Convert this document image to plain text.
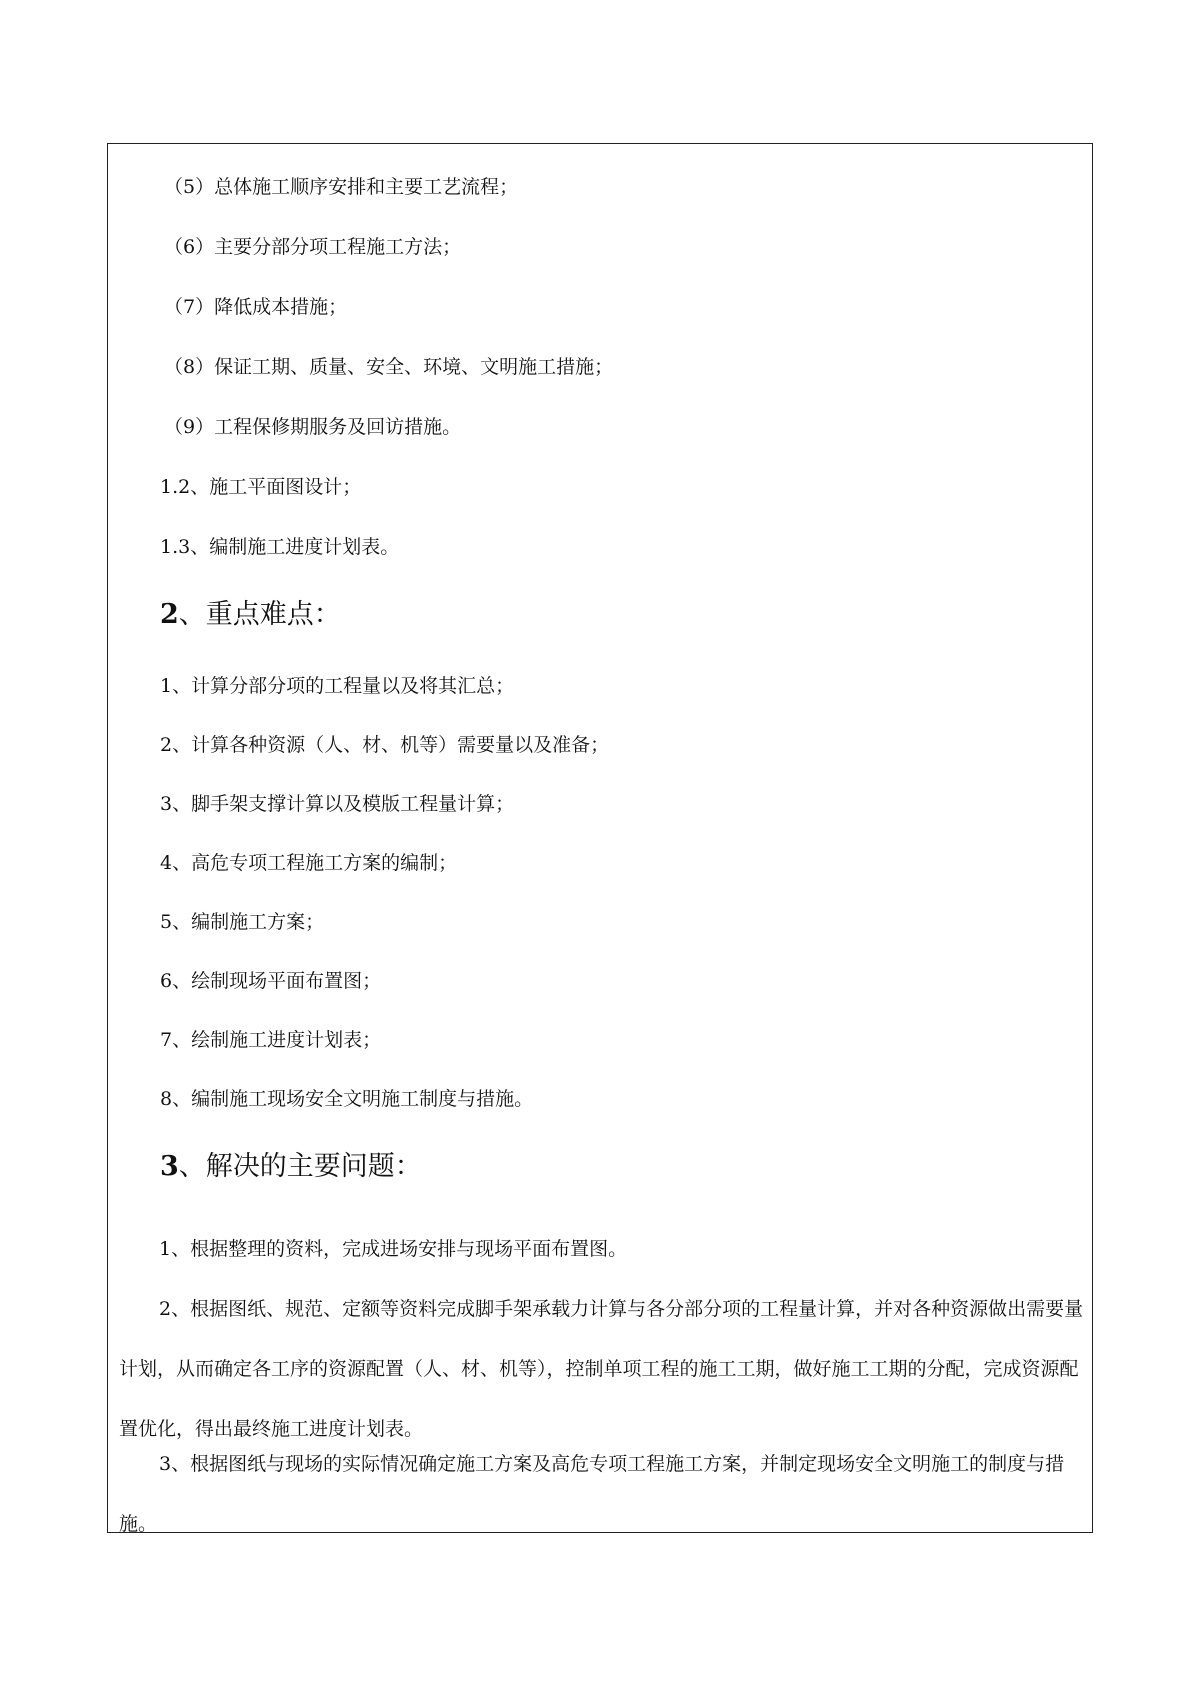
（5）总体施工顺序安排和主要工艺流程；
（6）主要分部分项工程施工方法；
（7）降低成本措施；
（8）保证工期、质量、安全、环境、文明施工措施；
（9）工程保修期服务及回访措施。
1.2、施工平面图设计；
1.3、编制施工进度计划表。
2、重点难点：
1、计算分部分项的工程量以及将其汇总；
2、计算各种资源（人、材、机等）需要量以及准备；
3、脚手架支撑计算以及模版工程量计算；
4、高危专项工程施工方案的编制；
5、编制施工方案；
6、绘制现场平面布置图；
7、绘制施工进度计划表；
8、编制施工现场安全文明施工制度与措施。
3、解决的主要问题：
1、根据整理的资料，完成进场安排与现场平面布置图。
2、根据图纸、规范、定额等资料完成脚手架承载力计算与各分部分项的工程量计算，并对各种资源做出需要量计划，从而确定各工序的资源配置（人、材、机等），控制单项工程的施工工期，做好施工工期的分配，完成资源配置优化，得出最终施工进度计划表。
3、根据图纸与现场的实际情况确定施工方案及高危专项工程施工方案，并制定现场安全文明施工的制度与措施。
